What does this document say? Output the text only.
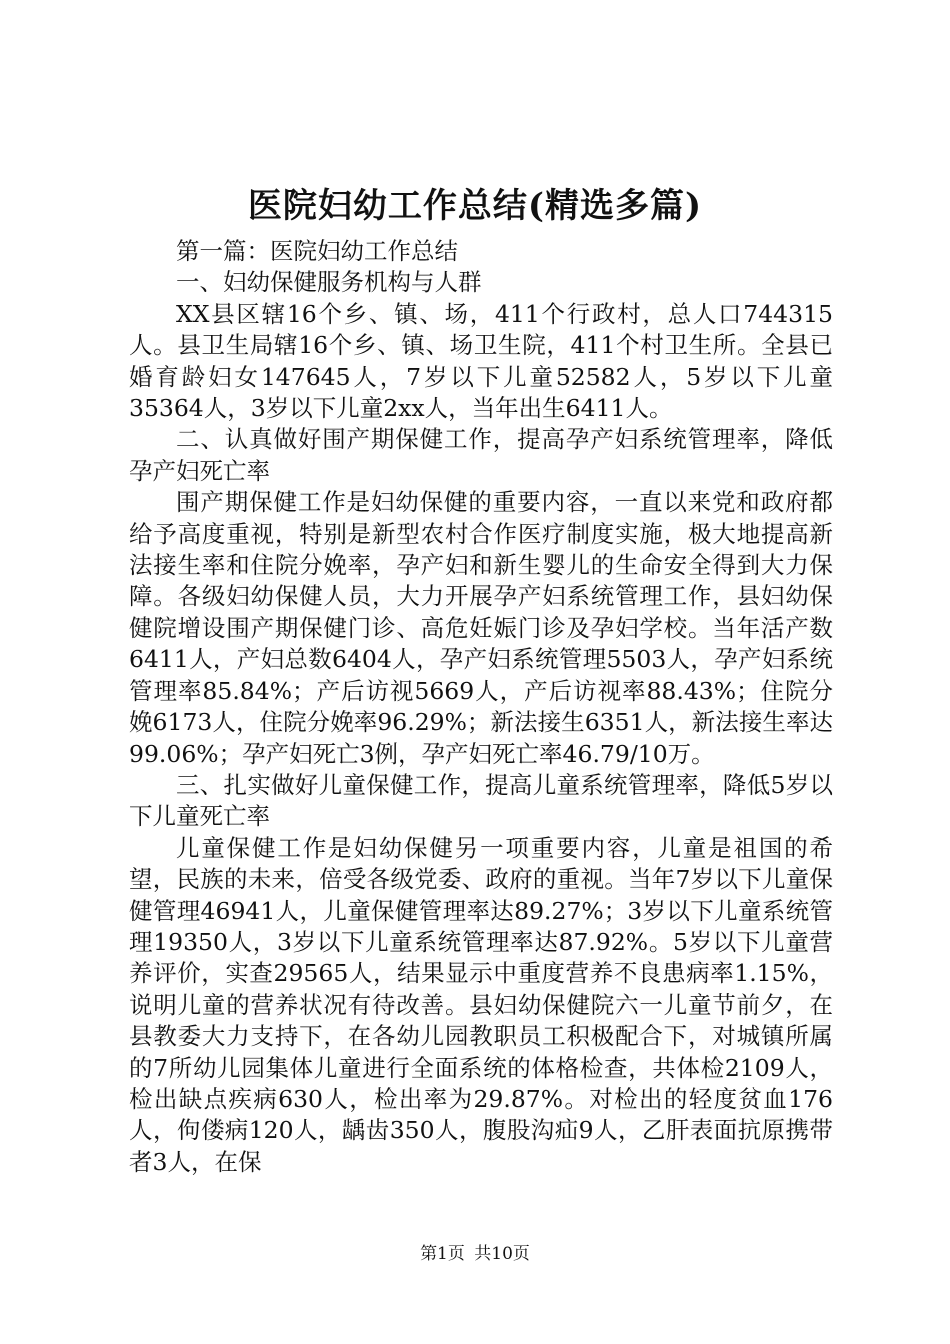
医院妇幼工作总结(精选多篇)

第一篇：医院妇幼工作总结

一、妇幼保健服务机构与人群

XX县区辖16个乡、镇、场，411个行政村，总人口744315人。县卫生局辖16个乡、镇、场卫生院，411个村卫生所。全县已婚育龄妇女147645人，7岁以下儿童52582人，5岁以下儿童35364人，3岁以下儿童2xx人，当年出生6411人。

二、认真做好围产期保健工作，提高孕产妇系统管理率，降低孕产妇死亡率

围产期保健工作是妇幼保健的重要内容，一直以来党和政府都给予高度重视，特别是新型农村合作医疗制度实施，极大地提高新法接生率和住院分娩率，孕产妇和新生婴儿的生命安全得到大力保障。各级妇幼保健人员，大力开展孕产妇系统管理工作，县妇幼保健院增设围产期保健门诊、高危妊娠门诊及孕妇学校。当年活产数6411人，产妇总数6404人，孕产妇系统管理5503人，孕产妇系统管理率85.84%；产后访视5669人，产后访视率88.43%；住院分娩6173人，住院分娩率96.29%；新法接生6351人，新法接生率达99.06%；孕产妇死亡3例，孕产妇死亡率46.79/10万。

三、扎实做好儿童保健工作，提高儿童系统管理率，降低5岁以下儿童死亡率

儿童保健工作是妇幼保健另一项重要内容，儿童是祖国的希望，民族的未来，倍受各级党委、政府的重视。当年7岁以下儿童保健管理46941人，儿童保健管理率达89.27%；3岁以下儿童系统管理19350人，3岁以下儿童系统管理率达87.92%。5岁以下儿童营养评价，实查29565人，结果显示中重度营养不良患病率1.15%，说明儿童的营养状况有待改善。县妇幼保健院六一儿童节前夕，在县教委大力支持下，在各幼儿园教职员工积极配合下，对城镇所属的7所幼儿园集体儿童进行全面系统的体格检查，共体检2109人，检出缺点疾病630人，检出率为29.87%。对检出的轻度贫血176人，佝偻病120人，龋齿350人，腹股沟疝9人，乙肝表面抗原携带者3人，在保

第1页 共10页
